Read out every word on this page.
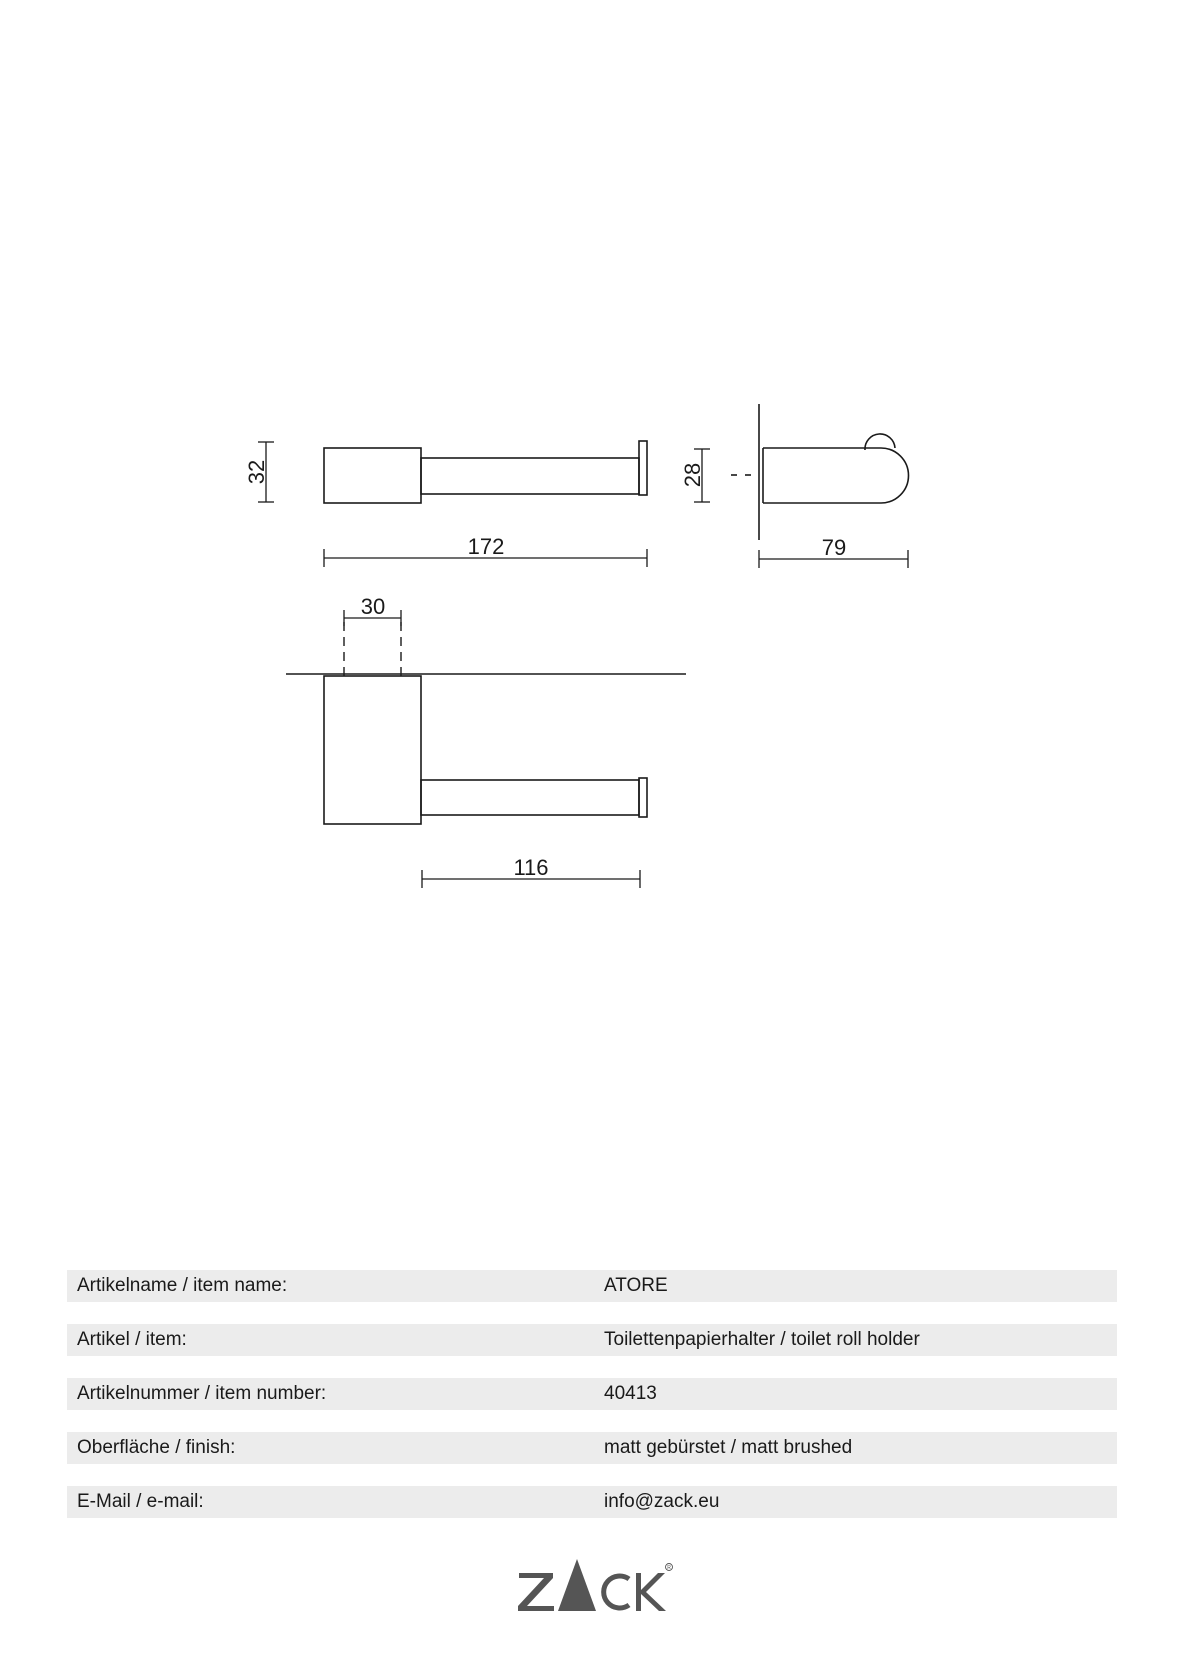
32
172
28
79
30
116
Artikelname / item name:	ATORE
Artikel / item:	Toilettenpapierhalter / toilet roll holder
Artikelnummer / item number:	40413
Oberfläche / finish:	matt gebürstet / matt brushed
E-Mail / e-mail:	info@zack.eu
R
